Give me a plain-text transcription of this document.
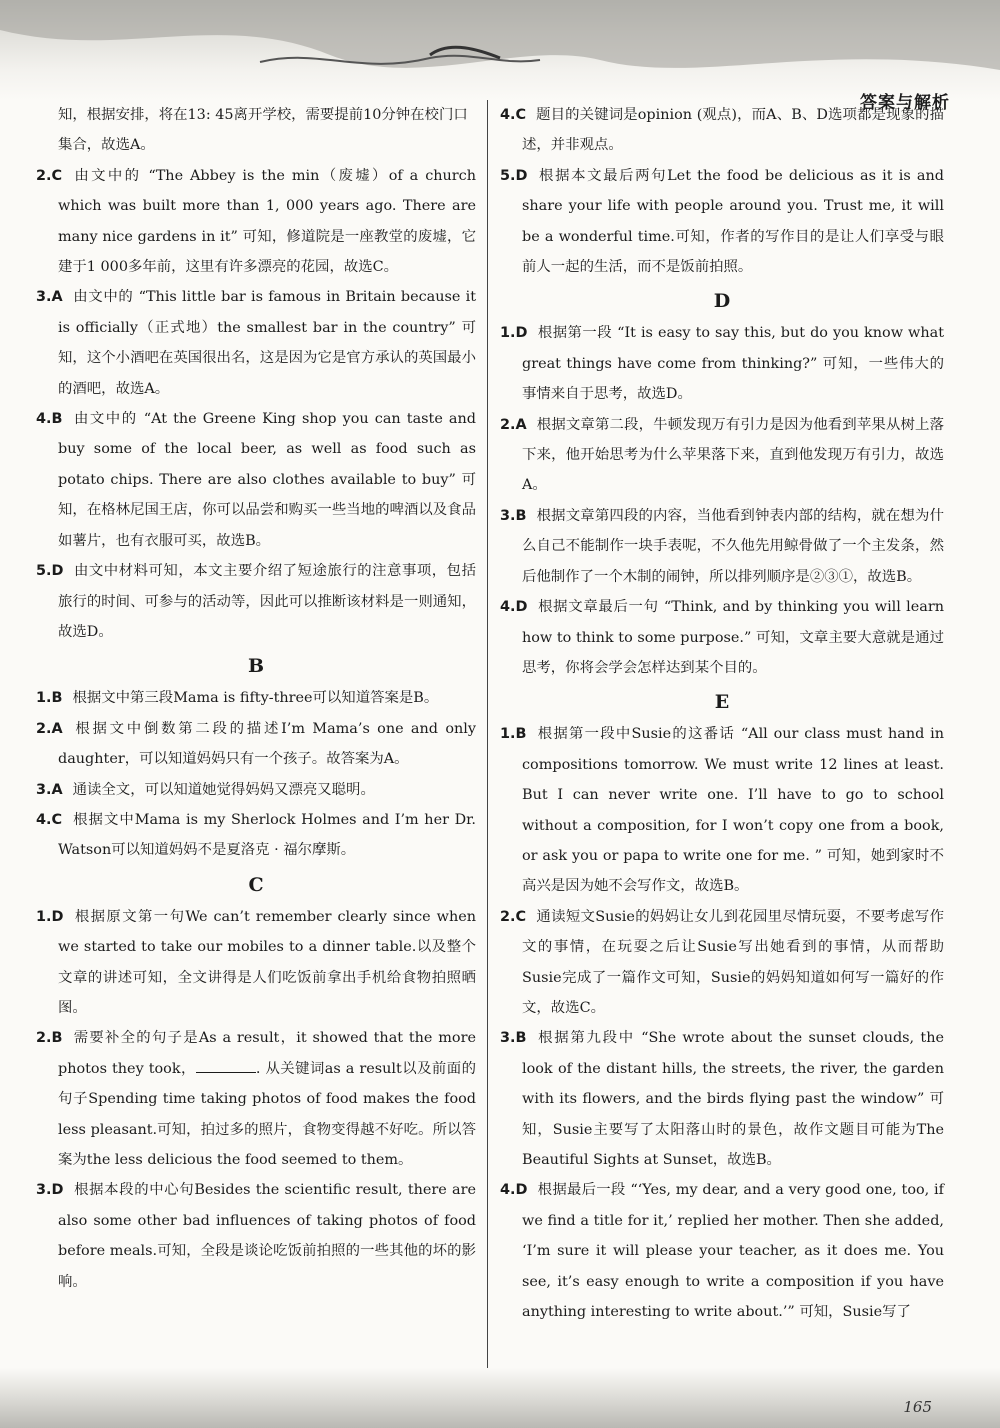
答案与解析
知，根据安排，将在13: 45离开学校，需要提前10分钟在校门口集合，故选A。
2.C 由文中的 “The Abbey is the min（废墟）of a church which was built more than 1, 000 years ago. There are many nice gardens in it” 可知，修道院是一座教堂的废墟，它建于1 000多年前，这里有许多漂亮的花园，故选C。
3.A 由文中的 “This little bar is famous in Britain because it is officially（正式地）the smallest bar in the country” 可知，这个小酒吧在英国很出名，这是因为它是官方承认的英国最小的酒吧，故选A。
4.B 由文中的 “At the Greene King shop you can taste and buy some of the local beer, as well as food such as potato chips. There are also clothes available to buy” 可知，在格林尼国王店，你可以品尝和购买一些当地的啤酒以及食品如薯片，也有衣服可买，故选B。
5.D 由文中材料可知，本文主要介绍了短途旅行的注意事项，包括旅行的时间、可参与的活动等，因此可以推断该材料是一则通知，故选D。
B
1.B 根据文中第三段Mama is fifty-three可以知道答案是B。
2.A 根据文中倒数第二段的描述I’m Mama’s one and only daughter，可以知道妈妈只有一个孩子。故答案为A。
3.A 通读全文，可以知道她觉得妈妈又漂亮又聪明。
4.C 根据文中Mama is my Sherlock Holmes and I’m her Dr. Watson可以知道妈妈不是夏洛克 · 福尔摩斯。
C
1.D 根据原文第一句We can’t remember clearly since when we started to take our mobiles to a dinner table.以及整个文章的讲述可知，全文讲得是人们吃饭前拿出手机给食物拍照晒图。
2.B 需要补全的句子是As a result，it showed that the more photos they took，	. 从关键词as a result以及前面的句子Spending time taking photos of food makes the food less pleasant.可知，拍过多的照片，食物变得越不好吃。所以答案为the less delicious the food seemed to them。
3.D 根据本段的中心句Besides the scientific result, there are also some other bad influences of taking photos of food before meals.可知，全段是谈论吃饭前拍照的一些其他的坏的影响。
4.C 题目的关键词是opinion (观点)，而A、B、D选项都是现象的描述，并非观点。
5.D 根据本文最后两句Let the food be delicious as it is and share your life with people around you. Trust me, it will be a wonderful time.可知，作者的写作目的是让人们享受与眼前人一起的生活，而不是饭前拍照。
D
1.D 根据第一段 “It is easy to say this, but do you know what great things have come from thinking?” 可知，一些伟大的事情来自于思考，故选D。
2.A 根据文章第二段，牛顿发现万有引力是因为他看到苹果从树上落下来，他开始思考为什么苹果落下来，直到他发现万有引力，故选A。
3.B 根据文章第四段的内容，当他看到钟表内部的结构，就在想为什么自己不能制作一块手表呢，不久他先用鲸骨做了一个主发条，然后他制作了一个木制的闹钟，所以排列顺序是②③①，故选B。
4.D 根据文章最后一句 “Think, and by thinking you will learn how to think to some purpose.” 可知，文章主要大意就是通过思考，你将会学会怎样达到某个目的。
E
1.B 根据第一段中Susie的这番话 “All our class must hand in compositions tomorrow. We must write 12 lines at least. But I can never write one. I’ll have to go to school without a composition, for I won’t copy one from a book, or ask you or papa to write one for me. ” 可知，她到家时不高兴是因为她不会写作文，故选B。
2.C 通读短文Susie的妈妈让女儿到花园里尽情玩耍，不要考虑写作文的事情，在玩耍之后让Susie写出她看到的事情，从而帮助Susie完成了一篇作文可知，Susie的妈妈知道如何写一篇好的作文，故选C。
3.B 根据第九段中 “She wrote about the sunset clouds, the look of the distant hills, the streets, the river, the garden with its flowers, and the birds flying past the window” 可知，Susie主要写了太阳落山时的景色，故作文题目可能为The Beautiful Sights at Sunset，故选B。
4.D 根据最后一段 “‘Yes, my dear, and a very good one, too, if we find a title for it,’ replied her mother. Then she added, ‘I’m sure it will please your teacher, as it does me. You see, it’s easy enough to write a composition if you have anything interesting to write about.’” 可知，Susie写了
165
